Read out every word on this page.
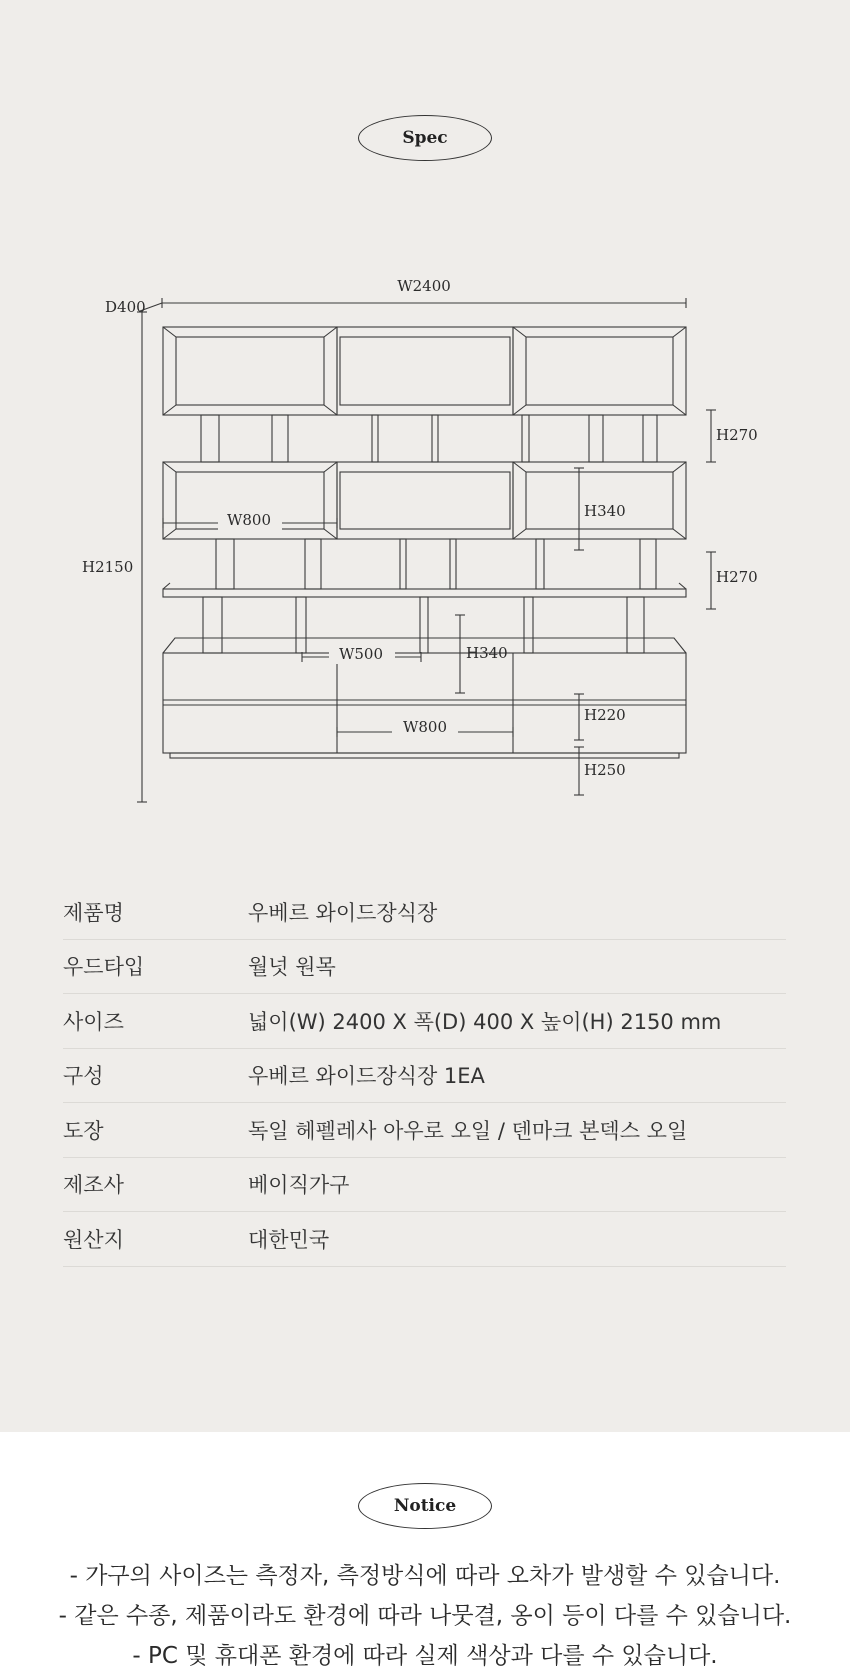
Spec
W2400
D400
H2150
H270
H270
W800	H340
W500	H340
W800
H220
H250
제품명	우베르 와이드장식장
우드타입	월넛 원목
사이즈	넓이(W) 2400 X 폭(D) 400 X 높이(H) 2150 mm
구성	우베르 와이드장식장 1EA
도장	독일 헤펠레사 아우로 오일 / 덴마크 본덱스 오일
제조사	베이직가구
원산지	대한민국
Notice
- 가구의 사이즈는 측정자, 측정방식에 따라 오차가 발생할 수 있습니다.
- 같은 수종, 제품이라도 환경에 따라 나뭇결, 옹이 등이 다를 수 있습니다.
- PC 및 휴대폰 환경에 따라 실제 색상과 다를 수 있습니다.
